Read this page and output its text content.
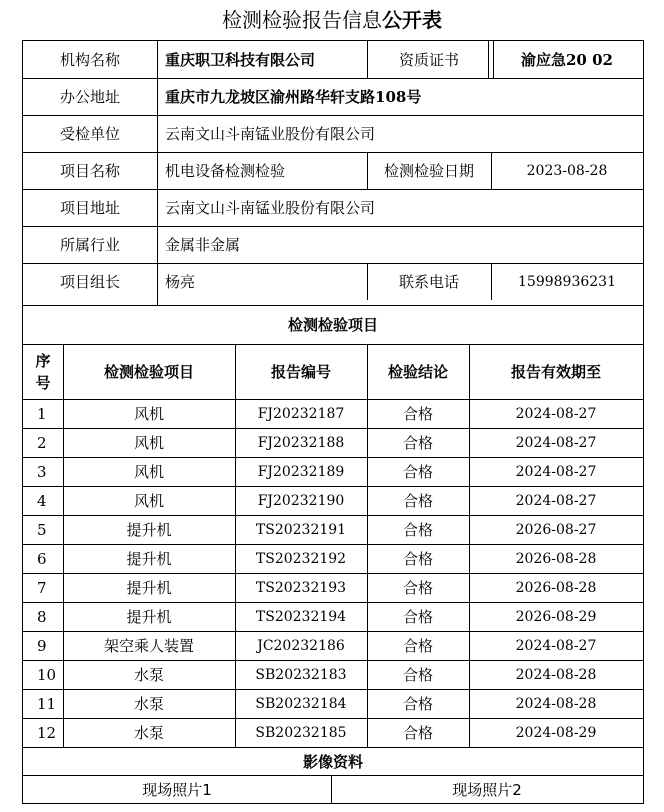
检测检验报告信息公开表
机构名称	重庆职卫科技有限公司	资质证书	渝应急20 02
办公地址	重庆市九龙坡区渝州路华轩支路108号
受检单位	云南文山斗南锰业股份有限公司
项目名称	机电设备检测检验	检测检验日期	2023-08-28
项目地址	云南文山斗南锰业股份有限公司
所属行业	金属非金属
项目组长	杨亮	联系电话	15998936231
检测检验项目
序
号
检测检验项目	报告编号	检验结论	报告有效期至
1	风机	FJ20232187	合格	2024-08-27
2	风机	FJ20232188	合格	2024-08-27
3	风机	FJ20232189	合格	2024-08-27
4	风机	FJ20232190	合格	2024-08-27
5	提升机	TS20232191	合格	2026-08-27
6	提升机	TS20232192	合格	2026-08-28
7	提升机	TS20232193	合格	2026-08-28
8	提升机	TS20232194	合格	2026-08-29
9	架空乘人装置	JC20232186	合格	2024-08-27
10	水泵	SB20232183	合格	2024-08-28
11	水泵	SB20232184	合格	2024-08-28
12	水泵	SB20232185	合格	2024-08-29
影像资料
现场照片1	现场照片2
